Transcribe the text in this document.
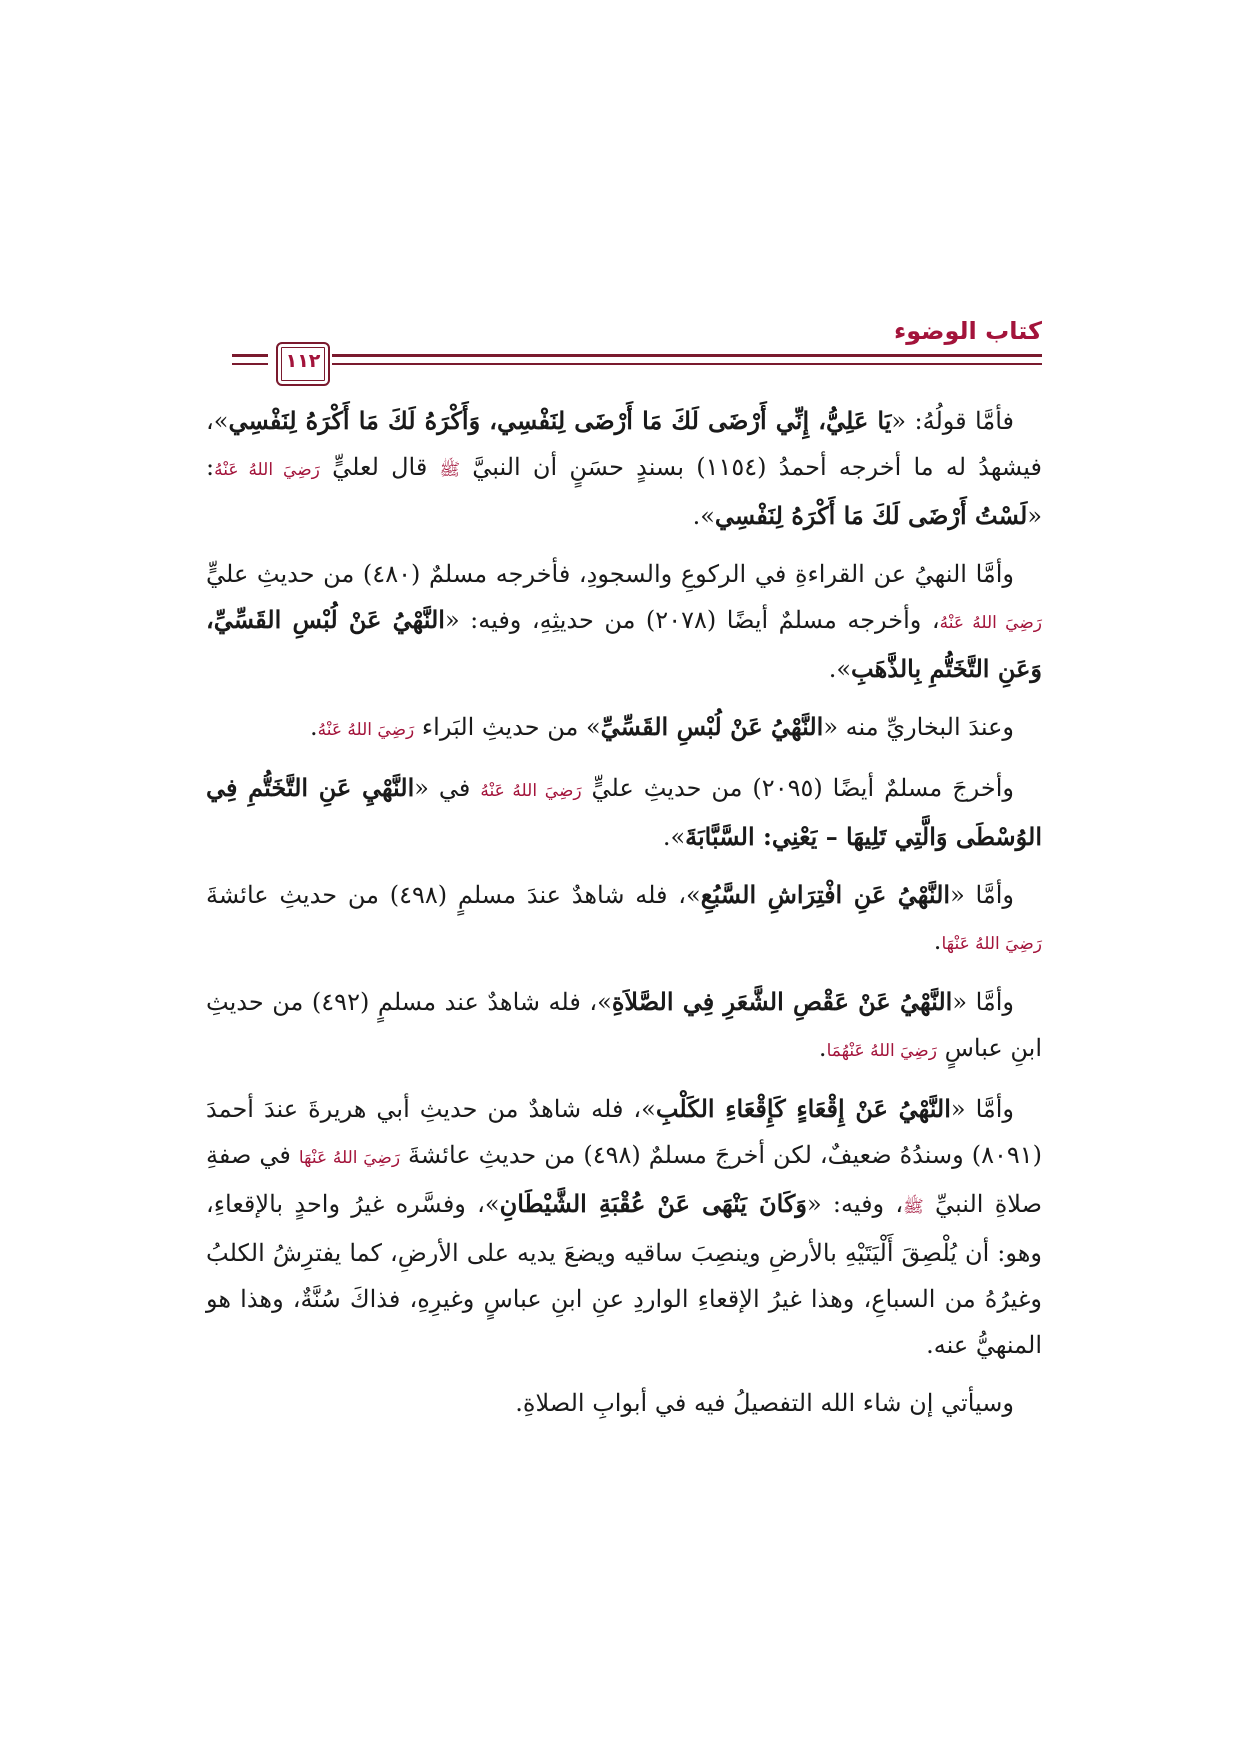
كتاب الوضوء
١١٢

فأمَّا قولُهُ: «يَا عَلِيُّ، إِنِّي أَرْضَى لَكَ مَا أَرْضَى لِنَفْسِي، وَأَكْرَهُ لَكَ مَا أَكْرَهُ لِنَفْسِي»، فيشهدُ له ما أخرجه أحمدُ (١١٥٤) بسندٍ حسَنٍ أن النبيَّ ﷺ قال لعليٍّ رَضِيَ اللهُ عَنْهُ: «لَسْتُ أَرْضَى لَكَ مَا أَكْرَهُ لِنَفْسِي».

وأمَّا النهيُ عن القراءةِ في الركوعِ والسجودِ، فأخرجه مسلمٌ (٤٨٠) من حديثِ عليٍّ رَضِيَ اللهُ عَنْهُ، وأخرجه مسلمٌ أيضًا (٢٠٧٨) من حديثِهِ، وفيه: «النَّهْيُ عَنْ لُبْسِ القَسِّيِّ، وَعَنِ التَّخَتُّمِ بِالذَّهَبِ».

وعندَ البخاريِّ منه «النَّهْيُ عَنْ لُبْسِ القَسِّيِّ» من حديثِ البَراء رَضِيَ اللهُ عَنْهُ.

وأخرجَ مسلمٌ أيضًا (٢٠٩٥) من حديثِ عليٍّ رَضِيَ اللهُ عَنْهُ في «النَّهْيِ عَنِ التَّخَتُّمِ فِي الوُسْطَى وَالَّتِي تَلِيهَا – يَعْنِي: السَّبَّابَةَ».

وأمَّا «النَّهْيُ عَنِ افْتِرَاشِ السَّبُعِ»، فله شاهدٌ عندَ مسلمٍ (٤٩٨) من حديثِ عائشةَ رَضِيَ اللهُ عَنْهَا.

وأمَّا «النَّهْيُ عَنْ عَقْصِ الشَّعَرِ فِي الصَّلاَةِ»، فله شاهدٌ عند مسلمٍ (٤٩٢) من حديثِ ابنِ عباسٍ رَضِيَ اللهُ عَنْهُمَا.

وأمَّا «النَّهْيُ عَنْ إِقْعَاءٍ كَإِقْعَاءِ الكَلْبِ»، فله شاهدٌ من حديثِ أبي هريرةَ عندَ أحمدَ (٨٠٩١) وسندُهُ ضعيفٌ، لكن أخرجَ مسلمٌ (٤٩٨) من حديثِ عائشةَ رَضِيَ اللهُ عَنْهَا في صفةِ صلاةِ النبيِّ ﷺ، وفيه: «وَكَانَ يَنْهَى عَنْ عُقْبَةِ الشَّيْطَانِ»، وفسَّره غيرُ واحدٍ بالإقعاءِ، وهو: أن يُلْصِقَ أَلْيَتَيْهِ بالأرضِ وينصِبَ ساقيه ويضعَ يديه على الأرضِ، كما يفترِشُ الكلبُ وغيرُهُ من السباعِ، وهذا غيرُ الإقعاءِ الواردِ عنِ ابنِ عباسٍ وغيرِهِ، فذاكَ سُنَّةٌ، وهذا هو المنهيُّ عنه.

وسيأتي إن شاء الله التفصيلُ فيه في أبوابِ الصلاةِ.
